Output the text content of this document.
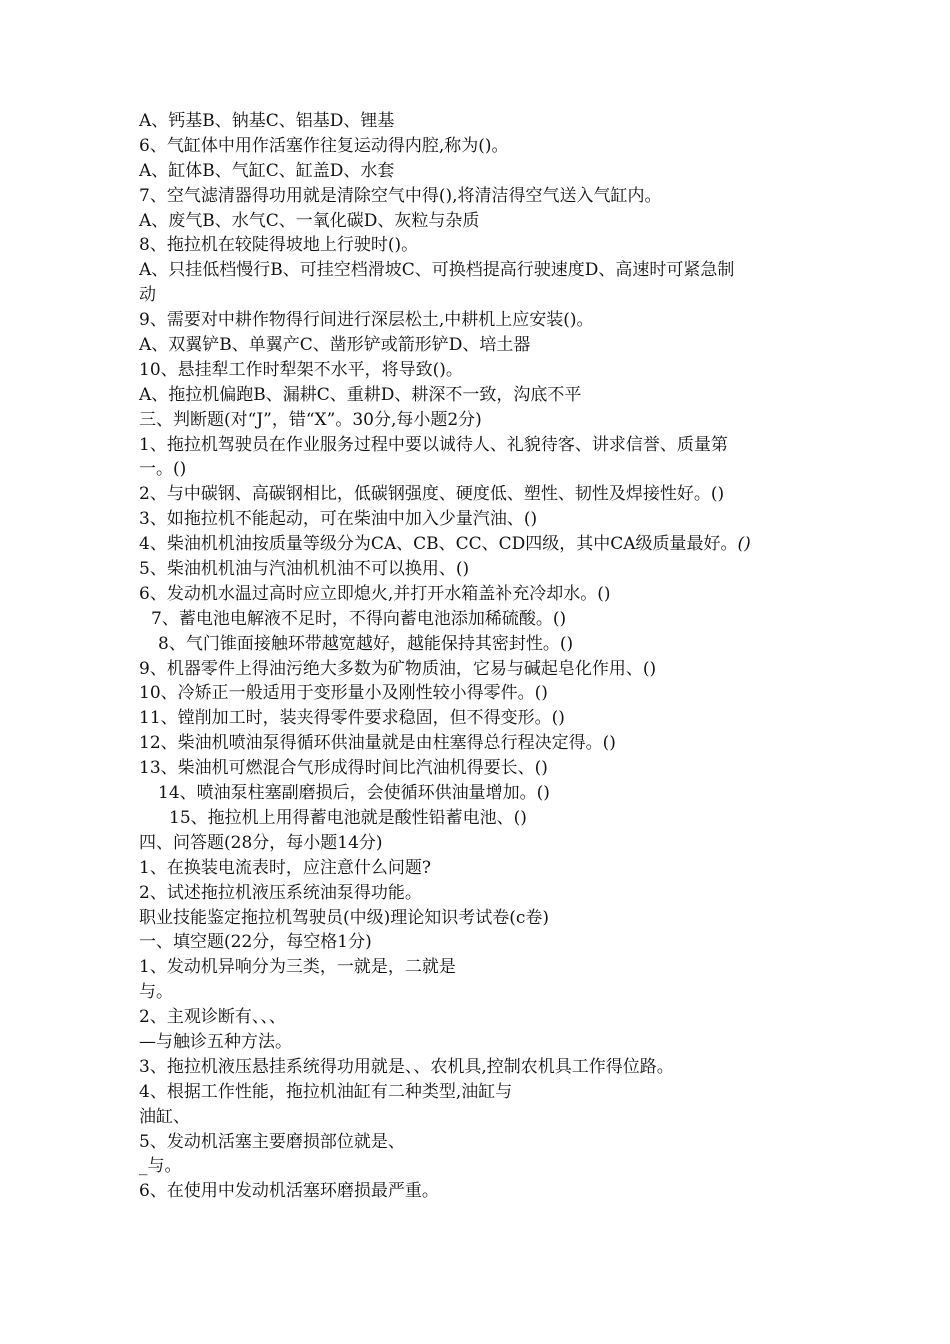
A、钙基B、钠基C、铝基D、锂基
6、气缸体中用作活塞作往复运动得内腔,称为()。
A、缸体B、气缸C、缸盖D、水套
7、空气滤清器得功用就是清除空气中得(),将清洁得空气送入气缸内。
A、废气B、水气C、一氧化碳D、灰粒与杂质
8、拖拉机在较陡得坡地上行驶时()。
A、只挂低档慢行B、可挂空档滑坡C、可换档提高行驶速度D、高速时可紧急制
动
9、需要对中耕作物得行间进行深层松土,中耕机上应安装()。
A、双翼铲B、单翼产C、凿形铲或箭形铲D、培土器
10、悬挂犁工作时犁架不水平，将导致()。
A、拖拉机偏跑B、漏耕C、重耕D、耕深不一致，沟底不平
三、判断题(对“J”，错“X”。30分,每小题2分)
1、拖拉机驾驶员在作业服务过程中要以诚待人、礼貌待客、讲求信誉、质量第
一。()
2、与中碳钢、高碳钢相比，低碳钢强度、硬度低、塑性、韧性及焊接性好。()
3、如拖拉机不能起动，可在柴油中加入少量汽油、()
4、柴油机机油按质量等级分为CA、CB、CC、CD四级，其中CA级质量最好。()
5、柴油机机油与汽油机机油不可以换用、()
6、发动机水温过高时应立即熄火,并打开水箱盖补充冷却水。()
7、蓄电池电解液不足时，不得向蓄电池添加稀硫酸。()
8、气门锥面接触环带越宽越好，越能保持其密封性。()
9、机器零件上得油污绝大多数为矿物质油，它易与碱起皂化作用、()
10、冷矫正一般适用于变形量小及刚性较小得零件。()
11、镗削加工时，装夹得零件要求稳固，但不得变形。()
12、柴油机喷油泵得循环供油量就是由柱塞得总行程决定得。()
13、柴油机可燃混合气形成得时间比汽油机得要长、()
14、喷油泵柱塞副磨损后，会使循环供油量增加。()
15、拖拉机上用得蓄电池就是酸性铅蓄电池、()
四、问答题(28分，每小题14分)
1、在换装电流表时，应注意什么问题?
2、试述拖拉机液压系统油泵得功能。
职业技能鉴定拖拉机驾驶员(中级)理论知识考试卷(c卷)
一、填空题(22分，每空格1分)
1、发动机异响分为三类，一就是，二就是
与。
2、主观诊断有、、、
—与触诊五种方法。
3、拖拉机液压悬挂系统得功用就是、、农机具,控制农机具工作得位路。
4、根据工作性能，拖拉机油缸有二种类型,油缸与
油缸、
5、发动机活塞主要磨损部位就是、
_与。
6、在使用中发动机活塞环磨损最严重。
